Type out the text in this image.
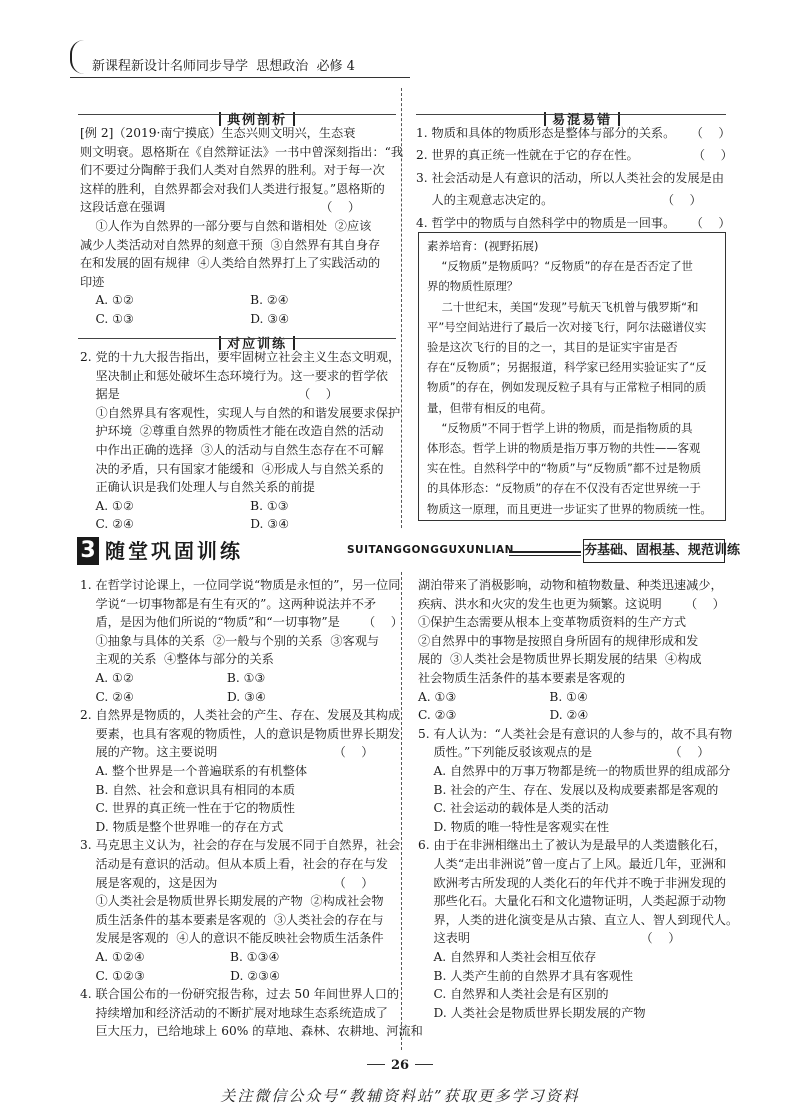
新课程新设计名师同步导学  思想政治  必修 4

典例剖析

[例 2]（2019·南宁摸底）生态兴则文明兴，生态衰
则文明衰。恩格斯在《自然辩证法》一书中曾深刻指出：“我
们不要过分陶醉于我们人类对自然界的胜利。对于每一次
这样的胜利，自然界都会对我们人类进行报复。”恩格斯的
这段话意在强调                                        （    ）
①人作为自然界的一部分要与自然和谐相处  ②应该
减少人类活动对自然界的刻意干预  ③自然界有其自身存
在和发展的固有规律  ④人类给自然界打上了实践活动的
印迹
A. ①②                              B. ②④
C. ①③                              D. ③④

对应训练

2. 党的十九大报告指出，要牢固树立社会主义生态文明观，
坚决制止和惩处破坏生态环境行为。这一要求的哲学依
据是                                              （    ）
①自然界具有客观性，实现人与自然的和谐发展要求保护
护环境  ②尊重自然界的物质性才能在改造自然的活动
中作出正确的选择  ③人的活动与自然生态存在不可解
决的矛盾，只有国家才能缓和  ④形成人与自然关系的
正确认识是我们处理人与自然关系的前提
A. ①②                              B. ①③
C. ②④                              D. ③④

易混易错

1. 物质和具体的物质形态是整体与部分的关系。    （    ）
2. 世界的真正统一性就在于它的存在性。              （    ）
3. 社会活动是人有意识的活动，所以人类社会的发展是由
人的主观意志决定的。                            （    ）
4. 哲学中的物质与自然科学中的物质是一回事。    （    ）
素养培育：(视野拓展)
“反物质”是物质吗？“反物质”的存在是否否定了世
界的物质性原理？
二十世纪末，美国“发现”号航天飞机曾与俄罗斯“和
平”号空间站进行了最后一次对接飞行，阿尔法磁谱仪实
验是这次飞行的目的之一，其目的是证实宇宙是否
存在“反物质”；另据报道，科学家已经用实验证实了“反
物质”的存在，例如发现反粒子具有与正常粒子相同的质
量，但带有相反的电荷。
“反物质”不同于哲学上讲的物质，而是指物质的具
体形态。哲学上讲的物质是指万事万物的共性——客观
实在性。自然科学中的“物质”与“反物质”都不过是物质
的具体形态：“反物质”的存在不仅没有否定世界统一于
物质这一原理，而且更进一步证实了世界的物质统一性。
3 随堂巩固训练	SUITANGGONGGUXUNLIAN	夯基础、固根基、规范训练
1. 在哲学讨论课上，一位同学说“物质是永恒的”，另一位同
学说“一切事物都是有生有灭的”。这两种说法并不矛
盾，是因为他们所说的“物质”和“一切事物”是      （    ）
①抽象与具体的关系  ②一般与个别的关系  ③客观与
主观的关系  ④整体与部分的关系
A. ①②                        B. ①③
C. ②④                        D. ③④
2. 自然界是物质的，人类社会的产生、存在、发展及其构成
要素，也具有客观的物质性，人的意识是物质世界长期发
展的产物。这主要说明                              （    ）
A. 整个世界是一个普遍联系的有机整体
B. 自然、社会和意识具有相同的本质
C. 世界的真正统一性在于它的物质性
D. 物质是整个世界唯一的存在方式
3. 马克思主义认为，社会的存在与发展不同于自然界，社会
活动是有意识的活动。但从本质上看，社会的存在与发
展是客观的，这是因为                              （    ）
①人类社会是物质世界长期发展的产物  ②构成社会物
质生活条件的基本要素是客观的  ③人类社会的存在与
发展是客观的  ④人的意识不能反映社会物质生活条件
A. ①②④                      B. ①③④
C. ①②③                      D. ②③④
4. 联合国公布的一份研究报告称，过去 50 年间世界人口的
持续增加和经济活动的不断扩展对地球生态系统造成了
巨大压力，已给地球上 60% 的草地、森林、农耕地、河流和
湖泊带来了消极影响，动物和植物数量、种类迅速减少，
疾病、洪水和火灾的发生也更为频繁。这说明      （    ）
①保护生态需要从根本上变革物质资料的生产方式
②自然界中的事物是按照自身所固有的规律形成和发
展的  ③人类社会是物质世界长期发展的结果  ④构成
社会物质生活条件的基本要素是客观的
A. ①③                        B. ①④
C. ②③                        D. ②④
5. 有人认为：“人类社会是有意识的人参与的，故不具有物
质性。”下列能反驳该观点的是                    （    ）
A. 自然界中的万事万物都是统一的物质世界的组成部分
B. 社会的产生、存在、发展以及构成要素都是客观的
C. 社会运动的载体是人类的活动
D. 物质的唯一特性是客观实在性
6. 由于在非洲相继出土了被认为是最早的人类遗骸化石，
人类“走出非洲说”曾一度占了上风。最近几年，亚洲和
欧洲考古所发现的人类化石的年代并不晚于非洲发现的
那些化石。大量化石和文化遗物证明，人类起源于动物
界，人类的进化演变是从古猿、直立人、智人到现代人。
这表明                                            （    ）
A. 自然界和人类社会相互依存
B. 人类产生前的自然界才具有客观性
C. 自然界和人类社会是有区别的
D. 人类社会是物质世界长期发展的产物
26
关注微信公众号“教辅资料站”获取更多学习资料
